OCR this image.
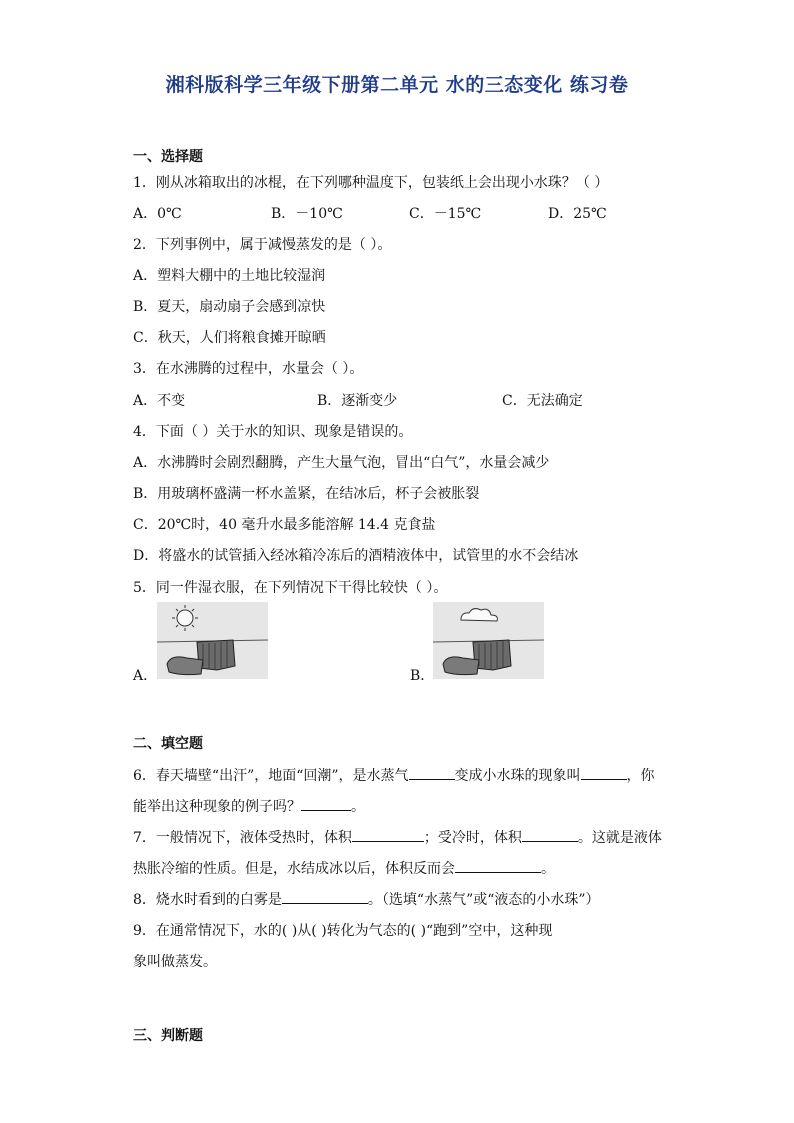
湘科版科学三年级下册第二单元 水的三态变化 练习卷
一、选择题
1．刚从冰箱取出的冰棍，在下列哪种温度下，包装纸上会出现小水珠？（ ）
A．0℃	B．－10℃	C．－15℃	D．25℃
2．下列事例中，属于减慢蒸发的是（ ）。
A．塑料大棚中的土地比较湿润
B．夏天，扇动扇子会感到凉快
C．秋天，人们将粮食摊开晾晒
3．在水沸腾的过程中，水量会（ ）。
A．不变	B．逐渐变少	C．无法确定
4．下面（ ）关于水的知识、现象是错误的。
A．水沸腾时会剧烈翻腾，产生大量气泡，冒出“白气”，水量会减少
B．用玻璃杯盛满一杯水盖紧，在结冰后，杯子会被胀裂
C．20℃时，40 毫升水最多能溶解 14.4 克食盐
D．将盛水的试管插入经冰箱冷冻后的酒精液体中，试管里的水不会结冰
5．同一件湿衣服，在下列情况下干得比较快（ ）。
A．	B．
二、填空题
6．春天墙壁“出汗”，地面“回潮”，是水蒸气	变成小水珠的现象叫	，你
能举出这种现象的例子吗？	。
7．一般情况下，液体受热时，体积	；受冷时，体积	。这就是液体
热胀冷缩的性质。但是，水结成冰以后，体积反而会	。
8．烧水时看到的白雾是	。（选填“水蒸气”或“液态的小水珠”）
9．在通常情况下，水的( )从( )转化为气态的( )“跑到”空中，这种现
象叫做蒸发。
三、判断题
